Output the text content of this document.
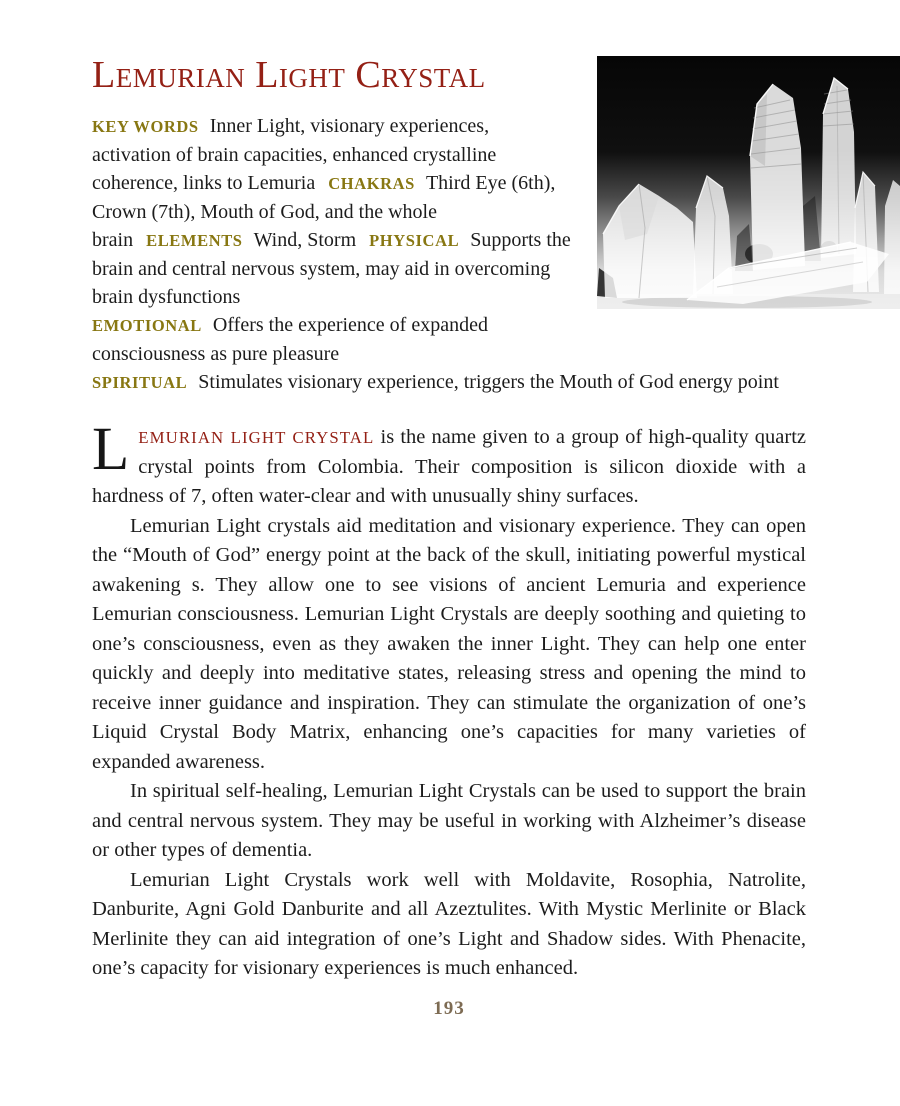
Lemurian Light Crystal

KEY WORDS Inner Light, visionary experiences, activation of brain capacities, enhanced crystalline coherence, links to Lemuria CHAKRAS Third Eye (6th), Crown (7th), Mouth of God, and the whole brain ELEMENTS Wind, Storm PHYSICAL Supports the brain and central nervous system, may aid in overcoming brain dysfunctions

EMOTIONAL Offers the experience of expanded consciousness as pure pleasure

SPIRITUAL Stimulates visionary experience, triggers the Mouth of God energy point

LEMURIAN LIGHT CRYSTAL is the name given to a group of high-quality quartz crystal points from Colombia. Their composition is silicon dioxide with a hardness of 7, often water-clear and with unusually shiny surfaces.

Lemurian Light crystals aid meditation and visionary experience. They can open the “Mouth of God” energy point at the back of the skull, initiating powerful mystical awakening s. They allow one to see visions of ancient Lemuria and experience Lemurian consciousness. Lemurian Light Crystals are deeply soothing and quieting to one’s consciousness, even as they awaken the inner Light. They can help one enter quickly and deeply into meditative states, releasing stress and opening the mind to receive inner guidance and inspiration. They can stimulate the organization of one’s Liquid Crystal Body Matrix, enhancing one’s capacities for many varieties of expanded awareness.

In spiritual self-healing, Lemurian Light Crystals can be used to support the brain and central nervous system. They may be useful in working with Alzheimer’s disease or other types of dementia.

Lemurian Light Crystals work well with Moldavite, Rosophia, Natrolite, Danburite, Agni Gold Danburite and all Azeztulites. With Mystic Merlinite or Black Merlinite they can aid integration of one’s Light and Shadow sides. With Phenacite, one’s capacity for visionary experiences is much enhanced.

193
